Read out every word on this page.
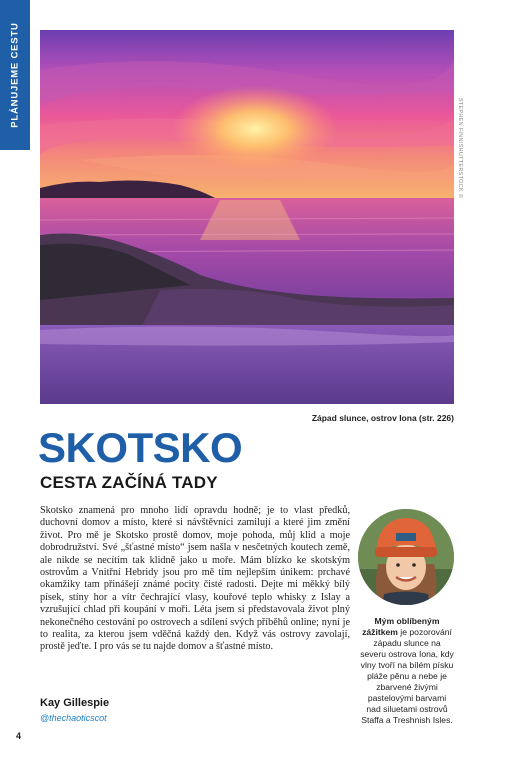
PLÁNUJEME CESTU
STEPHEN FINN/SHUTTERSTOCK ©
Západ slunce, ostrov Iona (str. 226)
SKOTSKO
CESTA ZAČÍNÁ TADY

Skotsko znamená pro mnoho lidí opravdu hodně; je to vlast předků, duchovní domov a místo, které si návštěvníci zamilují a které jim změní život. Pro mě je Skotsko prostě domov, moje pohoda, můj klid a moje dobrodružství. Své „šťastné místo“ jsem našla v nesčetných koutech země, ale nikde se necítím tak klidně jako u moře. Mám blízko ke skotským ostrovům a Vnitřní Hebridy jsou pro mě tím nejlepším únikem: prchavé okamžiky tam přinášejí známé pocity čisté radosti. Dejte mi měkký bílý písek, stíny hor a vítr čechrající vlasy, kouřové teplo whisky z Islay a vzrušující chlad při koupání v moři. Léta jsem si představovala život plný nekonečného cestování po ostrovech a sdílení svých příběhů online; nyní je to realita, za kterou jsem vděčná každý den. Když vás ostrovy zavolají, prostě jeďte. I pro vás se tu najde domov a šťastné místo.

Kay Gillespie
@thechaoticscot
4

Mým oblíbeným zážitkem je pozorování západu slunce na severu ostrova Iona, kdy vlny tvoří na bílém písku pláže pěnu a nebe je zbarvené živými pastelovými barvami nad siluetami ostrovů Staffa a Treshnish Isles.
